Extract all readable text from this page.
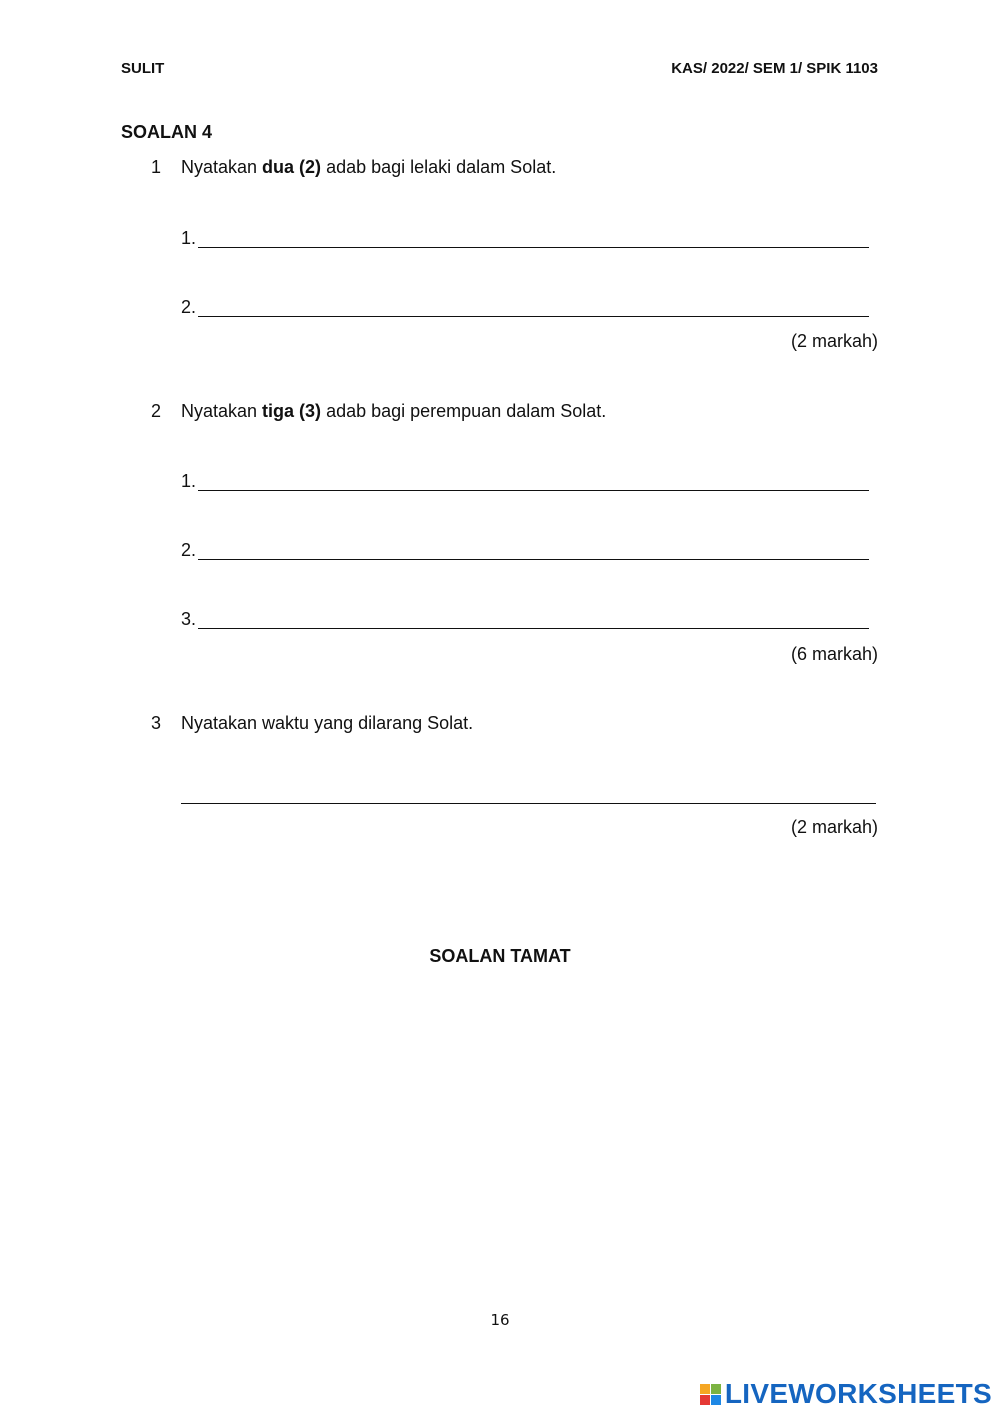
SULIT	KAS/ 2022/ SEM 1/ SPIK 1103
SOALAN 4
1 Nyatakan dua (2) adab bagi lelaki dalam Solat.
1.
2.
(2 markah)
2 Nyatakan tiga (3) adab bagi perempuan dalam Solat.
1.
2.
3.
(6 markah)
3 Nyatakan waktu yang dilarang Solat.
(2 markah)
SOALAN TAMAT
16
LIVEWORKSHEETS
